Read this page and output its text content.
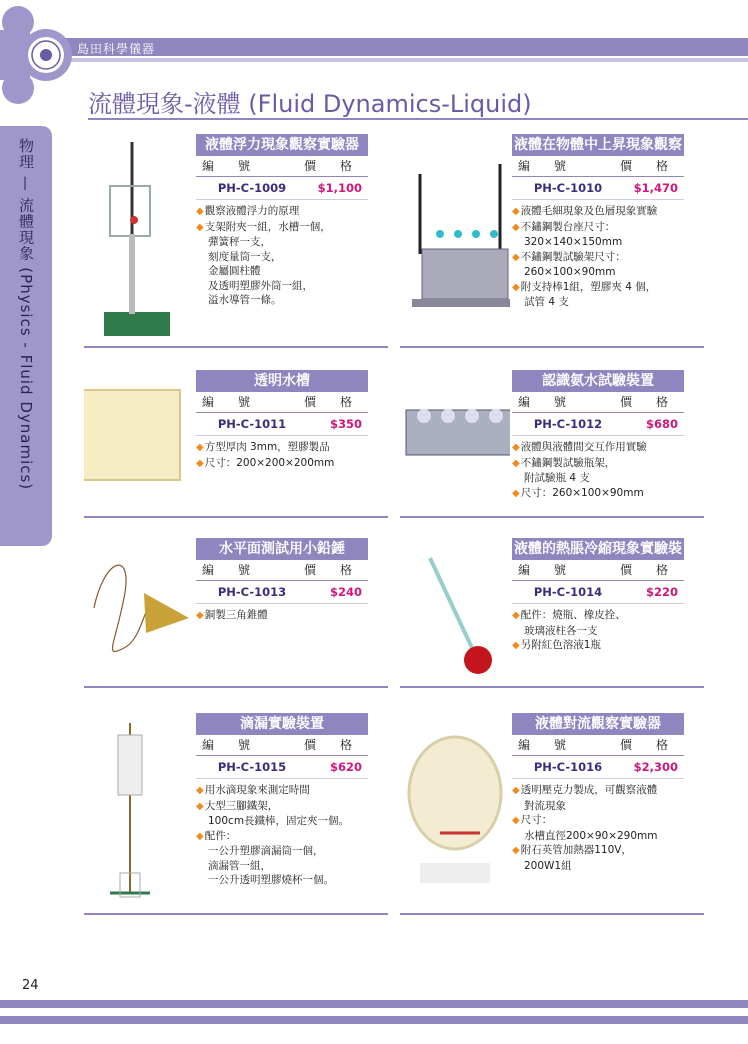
島田科學儀器
流體現象-液體 (Fluid Dynamics-Liquid)
物理 — 流體現象 (Physics - Fluid Dynamics)	液體浮力現象觀察實驗器
編　　號	價　　格
PH-C-1009	$1,100
◆觀察液體浮力的原理
◆支架附夾一組，水槽一個，
彈簧秤一支，
刻度量筒一支，
金屬圓柱體
及透明塑膠外筒一組，
溢水導管一條。
液體在物體中上昇現象觀察器
編　　號	價　　格
PH-C-1010	$1,470
◆液體毛細現象及色層現象實驗
◆不鏽鋼製台座尺寸：
320×140×150mm
◆不鏽鋼製試驗架尺寸：
260×100×90mm
◆附支持棒1組，塑膠夾 4 個，
試管 4 支
透明水槽
編　　號	價　　格
PH-C-1011	$350
◆方型厚肉 3mm，塑膠製品
◆尺寸：200×200×200mm
認識氨水試驗裝置
編　　號	價　　格
PH-C-1012	$680
◆液體與液體間交互作用實驗
◆不鏽鋼製試驗瓶架，
附試驗瓶 4 支
◆尺寸：260×100×90mm
水平面測試用小鉛錘
編　　號	價　　格
PH-C-1013	$240
◆銅製三角錐體
液體的熱脹冷縮現象實驗裝置
編　　號	價　　格
PH-C-1014	$220
◆配件：燒瓶、橡皮拴、
玻璃液柱各一支
◆另附紅色溶液1瓶
滴漏實驗裝置
編　　號	價　　格
PH-C-1015	$620
◆用水滴現象來測定時間
◆大型三腳鐵架，
100cm長鐵棒，固定夾一個。
◆配件：
一公升塑膠滴漏筒一個，
滴漏管一組，
一公升透明塑膠燒杯一個。
液體對流觀察實驗器
編　　號	價　　格
PH-C-1016	$2,300
◆透明壓克力製成，可觀察液體
對流現象
◆尺寸：
水槽直徑200×90×290mm
◆附石英管加熱器110V，
200W1組
24
